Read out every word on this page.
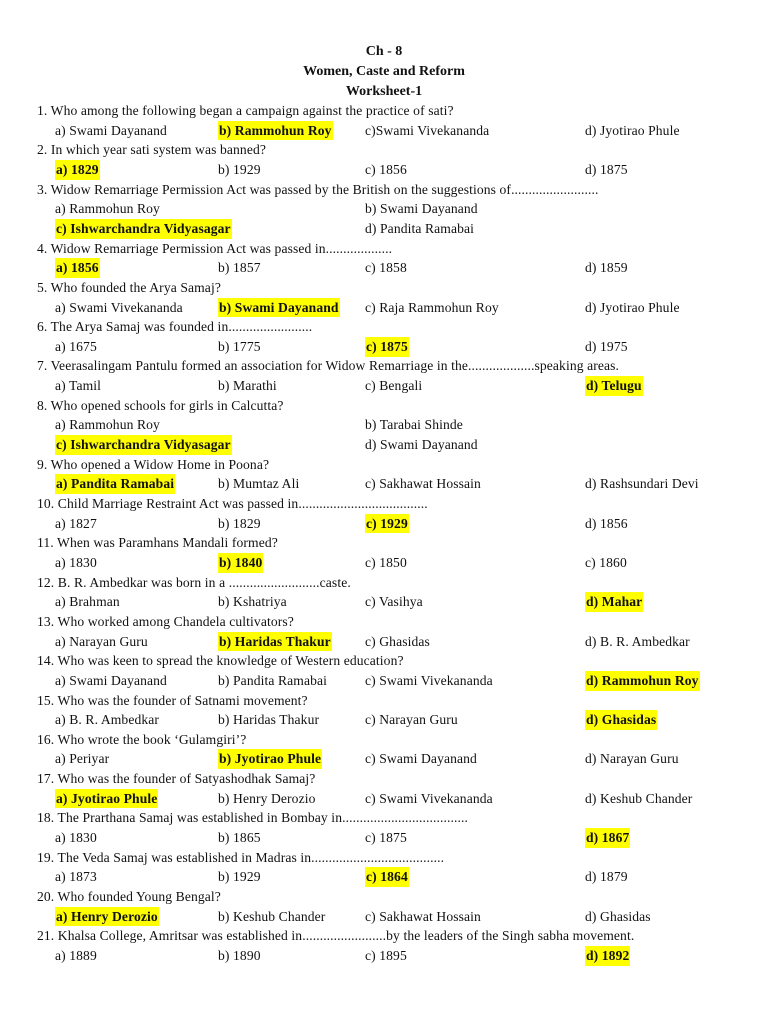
Ch - 8
Women, Caste and Reform
Worksheet-1
1. Who among the following began a campaign against the practice of sati?
a) Swami Dayanand	b) Rammohun Roy c)Swami Vivekananda	d) Jyotirao Phule
2. In which year sati system was banned?
a) 1829	b) 1929	c) 1856	d) 1875
3. Widow Remarriage Permission Act was passed by the British on the suggestions of.........................
a) Rammohun Roy	b) Swami Dayanand
c) Ishwarchandra Vidyasagar	d) Pandita Ramabai
4. Widow Remarriage Permission Act was passed in...................
a) 1856	b) 1857	c) 1858	d) 1859
5. Who founded the Arya Samaj?
a) Swami Vivekananda	b) Swami Dayanand c) Raja Rammohun Roy	d) Jyotirao Phule
6. The Arya Samaj was founded in........................
a) 1675	b) 1775	c) 1875	d) 1975
7. Veerasalingam Pantulu formed an association for Widow Remarriage in the...................speaking areas.
a) Tamil	b) Marathi	c) Bengali	d) Telugu
8. Who opened schools for girls in Calcutta?
a) Rammohun Roy	b) Tarabai Shinde
c) Ishwarchandra Vidyasagar	d) Swami Dayanand
9. Who opened a Widow Home in Poona?
a) Pandita Ramabai	b) Mumtaz Ali	c) Sakhawat Hossain	d) Rashsundari Devi
10. Child Marriage Restraint Act was passed in.....................................
a) 1827	b) 1829	c) 1929	d) 1856
11. When was Paramhans Mandali formed?
a) 1830	b) 1840	c) 1850	c) 1860
12. B. R. Ambedkar was born in a ..........................caste.
a) Brahman	b) Kshatriya	c) Vasihya	d) Mahar
13. Who worked among Chandela cultivators?
a) Narayan Guru	b) Haridas Thakur	c) Ghasidas	d) B. R. Ambedkar
14. Who was keen to spread the knowledge of Western education?
a) Swami Dayanand	b) Pandita Ramabai	c) Swami Vivekananda	d) Rammohun Roy
15. Who was the founder of Satnami movement?
a) B. R. Ambedkar	b) Haridas Thakur	c) Narayan Guru	d) Ghasidas
16. Who wrote the book ‘Gulamgiri’?
a) Periyar	b) Jyotirao Phule	c) Swami Dayanand	d) Narayan Guru
17. Who was the founder of Satyashodhak Samaj?
a) Jyotirao Phule	b) Henry Derozio	c) Swami Vivekananda	d) Keshub Chander
18. The Prarthana Samaj was established in Bombay in....................................
a) 1830	b) 1865	c) 1875	d) 1867
19. The Veda Samaj was established in Madras in......................................
a) 1873	b) 1929	c) 1864	d) 1879
20. Who founded Young Bengal?
a) Henry Derozio	b) Keshub Chander	c) Sakhawat Hossain	d) Ghasidas
21. Khalsa College, Amritsar was established in........................by the leaders of the Singh sabha movement.
a) 1889	b) 1890	c) 1895	d) 1892
